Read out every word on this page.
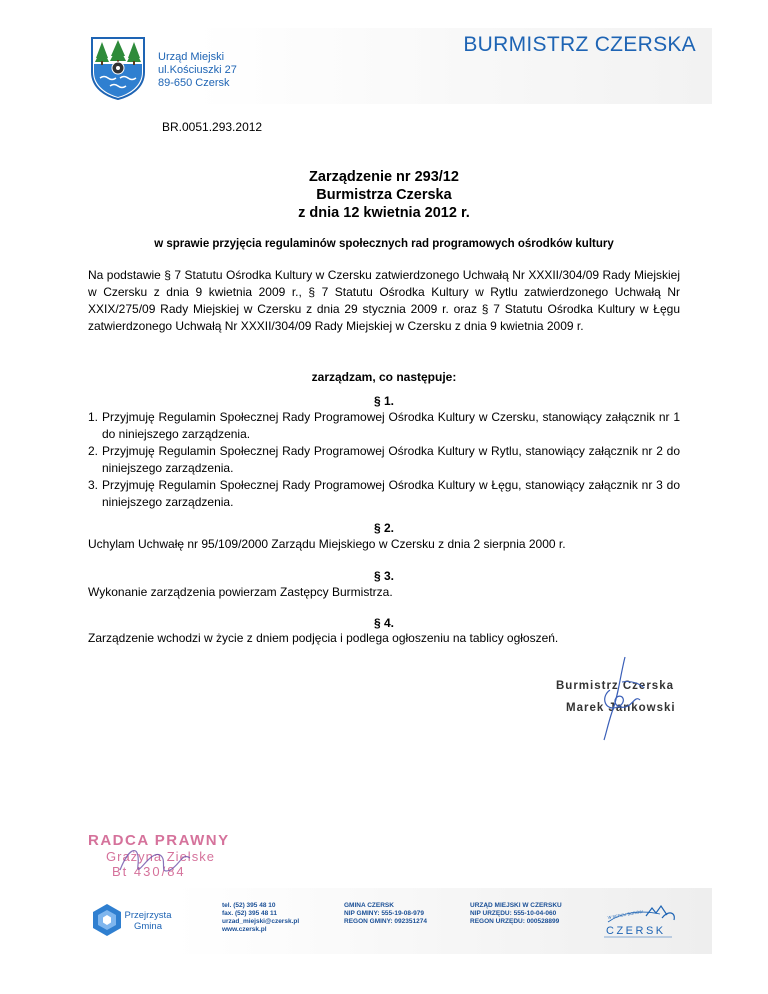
Urząd Miejski
ul.Kościuszki 27
89-650 Czersk
BURMISTRZ CZERSKA
BR.0051.293.2012
Zarządzenie nr 293/12
Burmistrza Czerska
z dnia 12 kwietnia 2012 r.
w sprawie przyjęcia regulaminów społecznych rad programowych ośrodków kultury
Na podstawie § 7 Statutu Ośrodka Kultury w Czersku zatwierdzonego Uchwałą Nr XXXII/304/09 Rady Miejskiej w Czersku z dnia 9 kwietnia 2009 r., § 7 Statutu Ośrodka Kultury w Rytlu zatwierdzonego Uchwałą Nr XXIX/275/09 Rady Miejskiej w Czersku z dnia 29 stycznia 2009 r. oraz § 7 Statutu Ośrodka Kultury w Łęgu zatwierdzonego Uchwałą Nr XXXII/304/09 Rady Miejskiej w Czersku z dnia 9 kwietnia 2009 r.
zarządzam, co następuje:
§ 1.
1. Przyjmuję Regulamin Społecznej Rady Programowej Ośrodka Kultury w Czersku, stanowiący załącznik nr 1 do niniejszego zarządzenia.
2. Przyjmuję Regulamin Społecznej Rady Programowej Ośrodka Kultury w Rytlu, stanowiący załącznik nr 2 do niniejszego zarządzenia.
3. Przyjmuję Regulamin Społecznej Rady Programowej Ośrodka Kultury w Łęgu, stanowiący załącznik nr 3 do niniejszego zarządzenia.
§ 2.
Uchylam Uchwałę nr 95/109/2000 Zarządu Miejskiego w Czersku z dnia 2 sierpnia 2000 r.
§ 3.
Wykonanie zarządzenia powierzam Zastępcy Burmistrza.
§ 4.
Zarządzenie wchodzi w życie z dniem podjęcia i podlega ogłoszeniu na tablicy ogłoszeń.
Burmistrz Czerska
Marek Jankowski
RADCA PRAWNY
Grażyna Zielske
Bt 430/84
Przejrzysta
Gmina
tel. (52) 395 48 10
fax. (52) 395 48 11
urzad_miejski@czersk.pl
www.czersk.pl
GMINA CZERSK
NIP GMINY: 555-19-08-979
REGON GMINY: 092351274
URZĄD MIEJSKI W CZERSKU
NIP URZĘDU: 555-10-04-060
REGON URZĘDU: 000528899
W SERCU BORÓW
CZERSK
